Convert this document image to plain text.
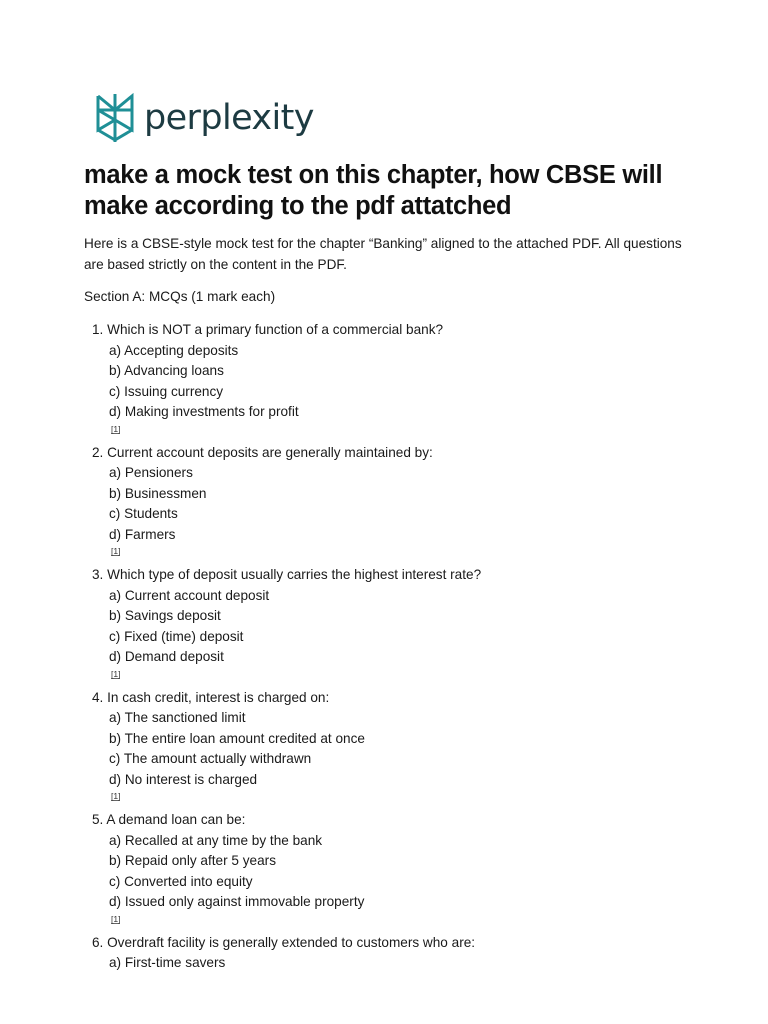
perplexity
make a mock test on this chapter, how CBSE will make according to the pdf attatched

Here is a CBSE-style mock test for the chapter “Banking” aligned to the attached PDF. All questions are based strictly on the content in the PDF.

Section A: MCQs (1 mark each)

1. Which is NOT a primary function of a commercial bank?
a) Accepting deposits
b) Advancing loans
c) Issuing currency
d) Making investments for profit
[1]
2. Current account deposits are generally maintained by:
a) Pensioners
b) Businessmen
c) Students
d) Farmers
[1]
3. Which type of deposit usually carries the highest interest rate?
a) Current account deposit
b) Savings deposit
c) Fixed (time) deposit
d) Demand deposit
[1]
4. In cash credit, interest is charged on:
a) The sanctioned limit
b) The entire loan amount credited at once
c) The amount actually withdrawn
d) No interest is charged
[1]
5. A demand loan can be:
a) Recalled at any time by the bank
b) Repaid only after 5 years
c) Converted into equity
d) Issued only against immovable property
[1]
6. Overdraft facility is generally extended to customers who are:
a) First-time savers
